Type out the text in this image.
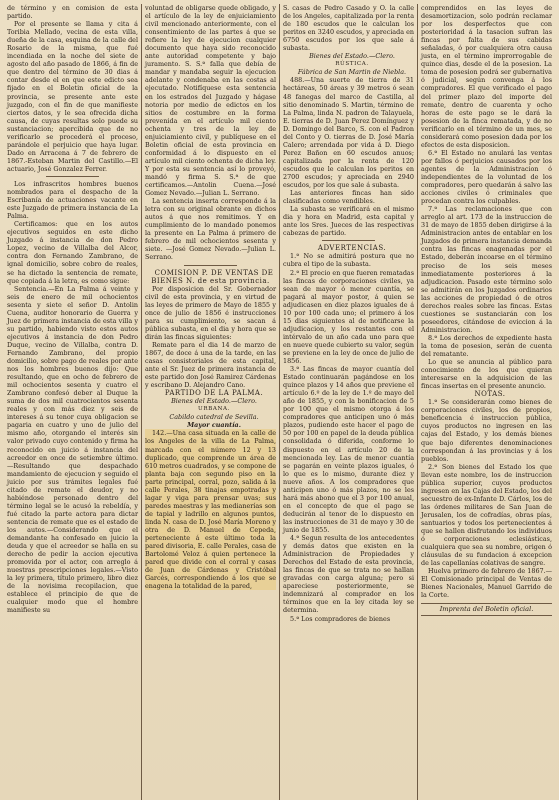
de término y en comision de esta partido.

Por el presente se llama y cita á Toribia Mellado, vecina de esta villa, dueña de la casa, esquina de la calle del Rosario de la misma, que fué incendiada en la noche del siete de agosto del año pasado de 1866, á fin de que dentro del término de 30 dias á contar desde el en que este edicto sea fijado en el Boletin oficial de la provincia, se presente ante este juzgado, con el fin de que manifieste ciertos datos, y le sea ofrecida dicha causa, de cuyas resultas solo puede su sustanciacion; apercibida que de no verificarlo se procederá el proceso, parándole el perjuicio que haya lugar. Dado en Arracena á 7 de febrero de 1867.-Esteban Martin del Castillo.—El actuario, José Gonzalez Ferrer.

Los infrascritos hombres buenos nombrados para el despacho de la Escribanía de actuaciones vacante en este Juzgado de primera instancia de La Palma.

Certificamos: que en los autos ejecutivos seguidos en este dicho Juzgado á instancia de don Pedro Lopez, vecino de Villalba del Alcor, contra don Fernando Zambrano, de ignal domicilio, sobre cobro de reales, se ha dictado la sentencia de remate, que copiada á la letra, es como sigue:

Sentencia.—En La Palma á veinte y seis de enero de mil ochocientos sesenta y siete el señor D. Antolin Cuena, auditor honorario de Guerra y Juez de primera instancia de esta villa y su partido, habiendo visto estos autos ejecutivos á instancia de don Pedro Duque, vecino de Villalba, contra D. Fernando Zambrano, del propio domicilio, sobre pago de reales por ante nos los hombres buenos dijo: Que resultando, que en ocho de febrero de mil ochocientos sesenta y cuatro el Zambrano confesó deber al Duque la suma de dos mil cuatrocientos sesenta reales y con más diez y seis de intereses á su tenor cuya obligacion se pagaria en cuatro y uno de julio del mismo año, otorgando el interés sin valor privado cuyo contenido y firma ha reconocido en juicio á instancia del acreedor en once de setiembre último.—Resultando que despachado mandamiento de ejecucion y seguido el juicio por sus trámites legales fué citado de remate el deudor, y no habiéndose personado dentro del término legal se le acusó la rebeldía, y fué citado la parte actora para dictar sentencia de remate que es el estado de los autos.—Considerando que el demandante ha confesado en juicio la deuda y que el acreedor se halla en su derecho de pedir la accion ejecutiva promovida por el actor, con arreglo á nuestras prescripciones legales.—Visto la ley primera, título primero, libro diez de la novisima recopilacion, que establece el principio de que de cualquier modo que el hombre manifieste su

voluntad de obligarse quede obligado, y el artículo de la ley de enjuiciamiento civil mencionado anteriormente, con el consentimiento de las partes á que se refiere la ley de ejecucion cualquier documento que haya sido reconocido ante autoridad competente y bajo juramento. S. S.ª falla que debía de mandar y mandaba seguir la ejecucion adelante y condenaba en las costas al ejecutado. Notifíquese esta sentencia en los estrados del Juzgado y hágase notoria por medio de edictos en los sitios de costumbre en la forma prevenida en el artículo mil ciento ochenta y tres de la ley de enjuiciamiento civil, y publíquese en el Boletin oficial de esta provincia en conformidad á lo dispuesto en el artículo mil ciento ochenta de dicha ley. Y por esta su sentencia así lo proveyó, mandó y firma S. S.ª de que certificamos.—Antolin Cuena.—José Gomez Nevado.—Julian L. Serrano.

La sentencia inserta corresponde á la letra con su original obrante en dichos autos á que nos remitimos. Y en cumplimiento de lo mandado ponemos la presente en La Palma á primero de febrero de mil ochocientos sesenta y siete. —José Gomez Nevado.—Julian L. Serrano.

COMISION P. DE VENTAS DE BIENES N. de esta provincia.

Por disposicion del Sr. Gobernador civil de esta provincia, y en virtud de las leyes de primero de Mayo de 1855 y once de julio de 1856 é instrucciones para su cumplimiento, se sacan á pública subasta, en el dia y hora que se dirán las fincas siguientes:

Remate para el dia 14 de marzo de 1867, de doce á una de la tarde, en las casas consistoriales de esta capital, ante el Sr. Juez de primera instancia de este partido don José Ramirez Cárdenas y escribano D. Alejandro Cano.

PARTIDO DE LA PALMA.

Bienes del Estado.—Clero.

URBANA.

Cabildo catedral de Sevilla.

Mayor cuantía.

142.—Una casa situada en la calle de los Angeles de la villa de La Palma, marcada con el número 12 y 13 duplicado, que comprende un área de 610 metros cuadrados, y se compone de planta baja con segundo piso en la parte principal, corral, pozo, salida á la calle Perales, 38 tinajas empotradas y lagar y viga para prensar uvas; sus paredes maestras y las medianerías son de tapial y ladrillo en algunos puntos, linda N. casa de D. José María Moreno y otra de D. Manuel de Cepeda, perteneciente á este último toda la pared divisoria, E. calle Perales, casa de Bartolomé Veloz á quien pertenece la pared que divide con el corral y casas de Juan de Cárdenas y Cristóbal Garcés, correspondiendo á los que se enagena la totalidad de la pared,

S. casas de Pedro Casado y O. la calle de los Angeles, capitalizada por la renta de 180 escudos que le calculan los peritos en 3240 escudos, y apreciada en 6750 escudos por los que sale á subasta.

Bienes del Estado.—Clero.

RÚSTICA.

Fábrica de San Martin de Niebla.

488.—Una suerte de tierra de 31 hectáreas, 50 áreas y 39 metros ó sean 48 fanegas del marco de Castilla, al sitio denominado S. Martin, término de La Palma, linda N. padron de Talayuela, E. tierras de D. Juan Perez Domínguez y D. Domingo del Barco, S. con el Padron del Conto y O. tierras de D. José María Calero; arrendada por vida á D. Diego Perez Bañon en 60 escudos anuos; capitalizada por la renta de 120 escudos que le calculan los peritos en 2700 escudos; y apreciada en 2940 escudos, por los que sale á subasta.

Las anteriores fincas han sido clasificadas como vendibles.

La subasta se verificará en el mismo dia y hora en Madrid, esta capital y ante los Sres. Jueces de las respectivas cabezas de partido.

ADVERTENCIAS.

1.ª No se admitirá postura que no cubra el tipo de la subasta.

2.ª El precio en que fueren rematadas las fincas de corporaciones civiles, ya sean de mayor ó menor cuantía, se pagará al mayor postor, á quien se adjudicasen en diez plazos iguales de á 10 por 100 cada uno; el primero á los 15 dias siguientes al de notificarse la adjudicacion, y los restantes con el intérvalo de un año cada uno para que en nueve quede cubierto su valor, según se previene en la ley de once de julio de 1856.

3.ª Las fincas de mayor cuantía del Estado continuarán pagándose en los quince plazos y 14 años que previene el artículo 6.º de la ley de 1.º de mayo del año de 1855, y con la bonificacion de 5 por 100 que el mismo otorga á los compradores que anticipen uno ó más plazos, pudiendo este hacer el pago de 50 por 100 en papel de la deuda pública consolidada ó diferida, conforme lo dispuesto en el artículo 20 de la mencionada ley. Las de menor cuantía se pagarán en veinte plazos iguales, ó lo que es lo mismo, durante diez y nueve años. A los compradores que anticipen uno ó más plazos, no se les hará más abono que el 3 por 100 anual, en el concepto de que el pago se deducirán al tenor de lo dispuesto en las instrucciones de 31 de mayo y 30 de junio de 1855.

4.ª Segun resulta de los antecedentes y demás datos que existen en la Administracion de Propiedades y Derechos del Estado de esta provincia, las fincas de que se trata no se hallan gravadas con carga alguna; pero si apareciese posteriormente, se indemnizará al comprador en los términos que en la ley citada ley se determina.

5.ª Los compradores de bienes

comprendidos en las leyes de desamortizacion, solo podrán reclamar por los desperfectos que con posterioridad á la tasacion sufran las fincas por falta de sus cabidas señaladas, ó por cualquiera otra causa justa, en el término improrrogable de quince dias, desde el de la posesion. La toma de posesion podrá ser gubernativa ó judicial, según convenga á los compradores. El que verificado el pago del primer plazo del importe del remate, dentro de cuarenta y ocho horas de este pago se le dará la posesion de la finca rematada, y de no verificarlo en el término de un mes, se considerará como posesion dada por los efectos de esta disposicion.

6.ª El Estado no anulará las ventas por fallos ó perjuicios causados por los agentes de la Administracion ó independientes de la voluntad de los compradores, pero quedarán á salvo las acciones civiles ó criminales que procedan contra los culpables.

7.ª Las reclamaciones que con arreglo al art. 173 de la instruccion de 31 de mayo de 1855 deben dirigirse á la Administracion antes de entablar en los Juzgados de primera instancia demanda contra las fincas enagenadas por el Estado, deberán incoarse en el término preciso de los seis meses inmediatamente posteriores á la adjudicacion. Pasado este término solo se admitirán en los Juzgados ordinarios las acciones de propiedad ó de otros derechos reales sobre las fincas. Estas cuestiones se sustanciarán con los poseedores, citándose de eviccion á la Administracion.

8.ª Los derechos de expediente hasta la toma de posesion, serán de cuenta del rematante.

Lo que se anuncia al público para conocimiento de los que quieran interesarse en la adquisicion de las fincas insertas en el presente anuncio.

NOTAS.

1.ª Se considerarán como bienes de corporaciones civiles, los de propios, beneficencia é instruccion pública, cuyos productos no ingresen en las cajas del Estado, y los demás bienes que bajo diferentes denominaciones correspondan á las provincias y á los pueblos.

2.ª Son bienes del Estado los que llevan este nombre, los de instruccion pública superior, cuyos productos ingresen en las Cajas del Estado, los del secuestro de ex-Infante D. Cárlos, los de las órdenes militares de San Juan de Jerusalen, los de cofradías, obras pías, santuarios y todos los pertenecientes á que se hallen disfrutando los individuos ó corporaciones eclesiásticas, cualquiera que sea su nombre, origen ó cláusulas de su fundacion á excepcion de las capellanías colativas de sangre.

Huelva primero de febrero de 1867.—El Comisionado principal de Ventas de Bienes Nacionales, Manuel Garrido de la Corte.

Imprenta del Boletin oficial.
